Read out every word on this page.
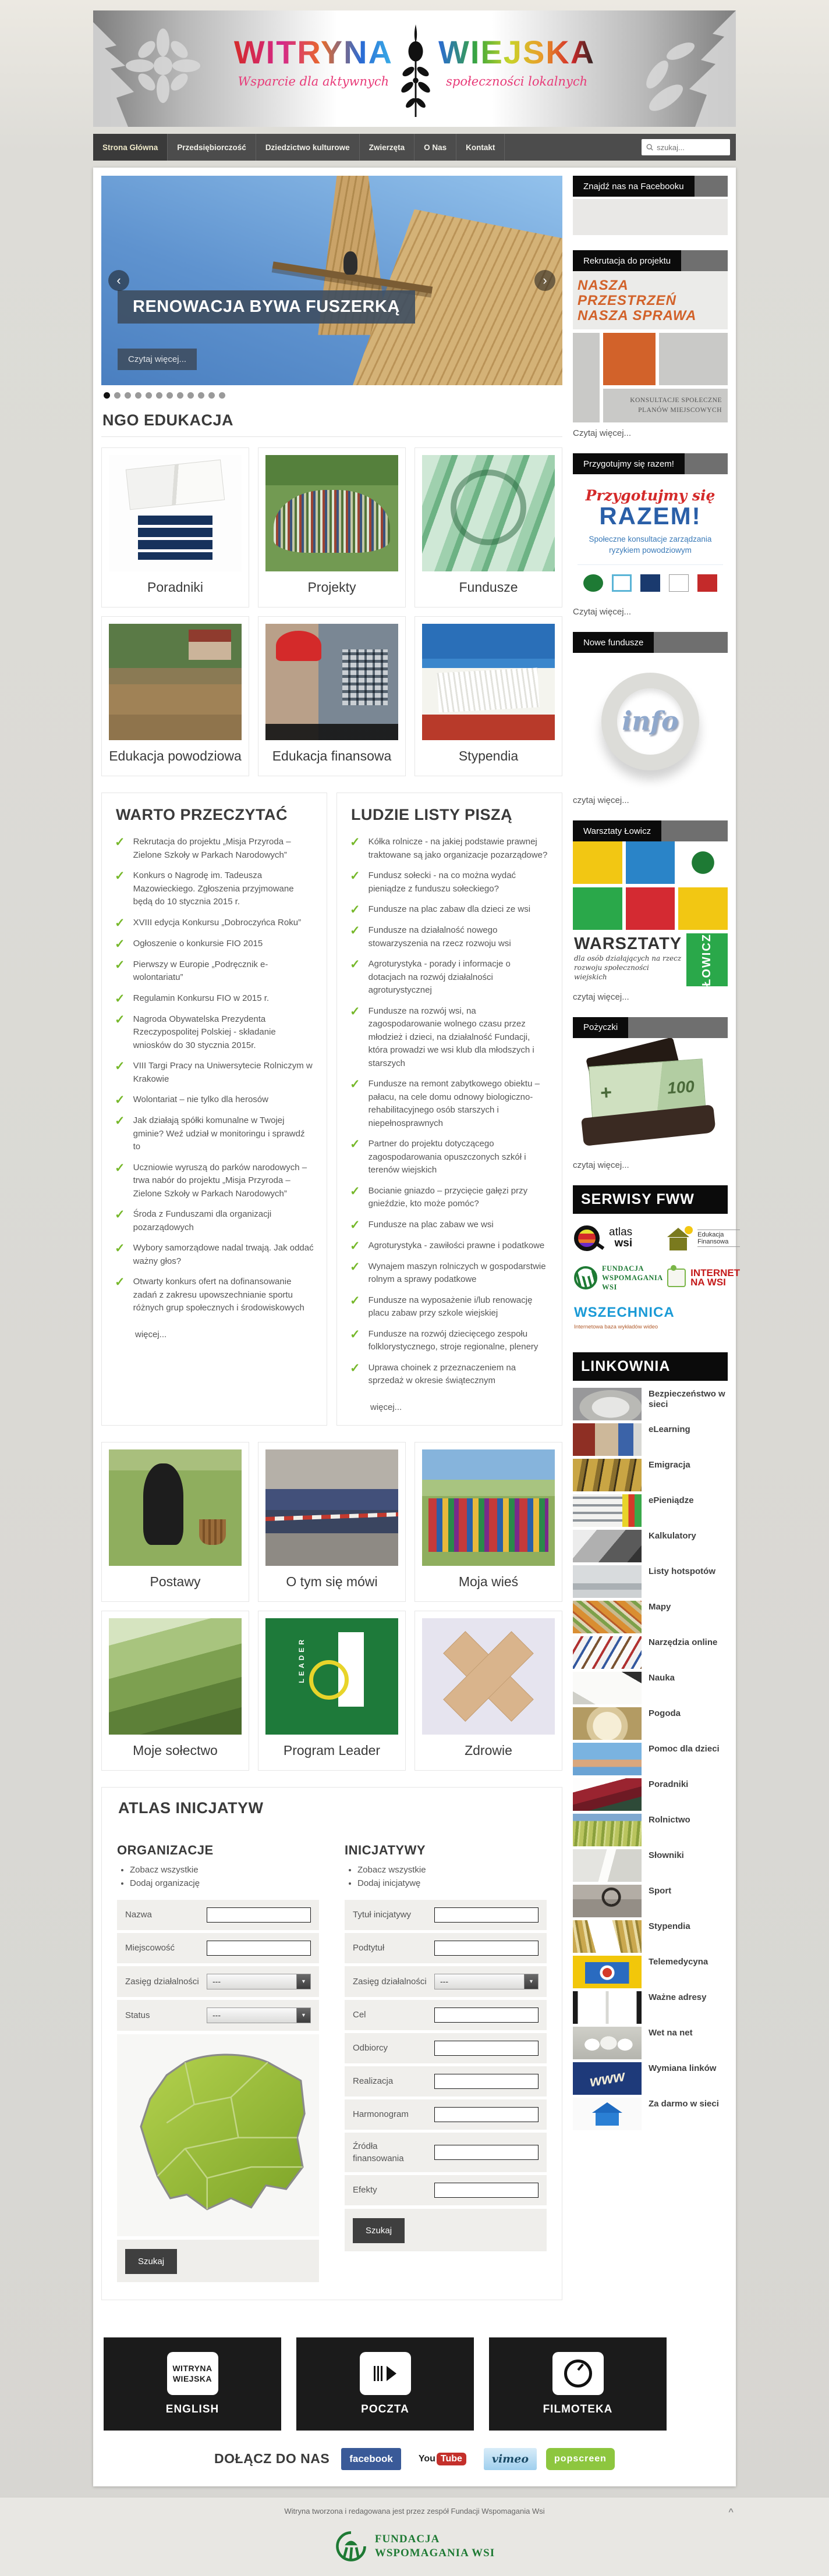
WITRYNA
Wsparcie dla aktywnych
WIEJSKA
społeczności lokalnych
Strona Główna Przedsiębiorczość Dziedzictwo kulturowe Zwierzęta O Nas Kontakt
szukaj...
RENOWACJA BYWA FUSZERKĄ
Czytaj więcej...
‹	›
NGO EDUKACJA
Poradniki	Projekty	Fundusze
Edukacja powodziowa	Edukacja finansowa	Stypendia
WARTO PRZECZYTAĆ
✓ Rekrutacja do projektu „Misja Przyroda – Zielone Szkoły w Parkach Narodowych”
✓ Konkurs o Nagrodę im. Tadeusza Mazowieckiego. Zgłoszenia przyjmowane będą do 10 stycznia 2015 r.
✓ XVIII edycja Konkursu „Dobroczyńca Roku”
✓ Ogłoszenie o konkursie FIO 2015
✓ Pierwszy w Europie „Podręcznik e-wolontariatu”
✓ Regulamin Konkursu FIO w 2015 r.
✓ Nagroda Obywatelska Prezydenta Rzeczypospolitej Polskiej - składanie wniosków do 30 stycznia 2015r.
✓ VIII Targi Pracy na Uniwersytecie Rolniczym w Krakowie
✓ Wolontariat – nie tylko dla herosów
✓ Jak działają spółki komunalne w Twojej gminie? Weź udział w monitoringu i sprawdź to
✓ Uczniowie wyruszą do parków narodowych – trwa nabór do projektu „Misja Przyroda – Zielone Szkoły w Parkach Narodowych”
✓ Środa z Funduszami dla organizacji pozarządowych
✓ Wybory samorządowe nadal trwają. Jak oddać ważny głos?
✓ Otwarty konkurs ofert na dofinansowanie zadań z zakresu upowszechnianie sportu różnych grup społecznych i środowiskowych
więcej...
LUDZIE LISTY PISZĄ
✓ Kółka rolnicze - na jakiej podstawie prawnej traktowane są jako organizacje pozarządowe?
✓ Fundusz sołecki - na co można wydać pieniądze z funduszu sołeckiego?
✓ Fundusze na plac zabaw dla dzieci ze wsi
✓ Fundusze na działalność nowego stowarzyszenia na rzecz rozwoju wsi
✓ Agroturystyka - porady i informacje o dotacjach na rozwój działalności agroturystycznej
✓ Fundusze na rozwój wsi, na zagospodarowanie wolnego czasu przez młodzież i dzieci, na działalność Fundacji, która prowadzi we wsi klub dla młodszych i starszych
✓ Fundusze na remont zabytkowego obiektu – pałacu, na cele domu odnowy biologiczno-rehabilitacyjnego osób starszych i niepełnosprawnych
✓ Partner do projektu dotyczącego zagospodarowania opuszczonych szkół i terenów wiejskich
✓ Bocianie gniazdo – przycięcie gałęzi przy gnieździe, kto może pomóc?
✓ Fundusze na plac zabaw we wsi
✓ Agroturystyka - zawiłości prawne i podatkowe
✓ Wynajem maszyn rolniczych w gospodarstwie rolnym a sprawy podatkowe
✓ Fundusze na wyposażenie i/lub renowację placu zabaw przy szkole wiejskiej
✓ Fundusze na rozwój dziecięcego zespołu folklorystycznego, stroje regionalne, plenery
✓ Uprawa choinek z przeznaczeniem na sprzedaż w okresie świątecznym
więcej...
Postawy	O tym się mówi	Moja wieś
Moje sołectwo
LEADER
Program Leader	Zdrowie
ATLAS INICJATYW
ORGANIZACJE
• Zobacz wszystkie
• Dodaj organizację
Nazwa
Miejscowość
Zasięg działalności	---	▼
Status	---	▼
Szukaj
INICJATYWY
• Zobacz wszystkie
• Dodaj inicjatywę
Tytuł inicjatywy
Podtytuł
Zasięg działalności	---	▼
Cel
Odbiorcy
Realizacja
Harmonogram
Źródła finansowania
Efekty
Szukaj
Znajdź nas na Facebooku
Rekrutacja do projektu
NASZA PRZESTRZEŃ
NASZA SPRAWA
KONSULTACJE SPOŁECZNE PLANÓW MIEJSCOWYCH
Czytaj więcej...
Przygotujmy się razem!
Przygotujmy się
RAZEM!
Społeczne konsultacje zarządzania ryzykiem powodziowym
Czytaj więcej...
Nowe fundusze
info
czytaj więcej...
Warsztaty Łowicz
WARSZTATY
dla osób działających na rzecz
rozwoju społeczności wiejskich	ŁOWICZ
czytaj więcej...
Pożyczki
+	100
czytaj więcej...
SERWISY FWW
atlas
wsi
Edukacja Finansowa
FUNDACJA
WSPOMAGANIA WSI
INTERNET
NA WSI
WSZECHNICA
Internetowa baza wykładów wideo
LINKOWNIA
Bezpieczeństwo w sieci
eLearning
Emigracja
ePieniądze
Kalkulatory
Listy hotspotów
Mapy
Narzędzia online
Nauka
Pogoda
Pomoc dla dzieci
Poradniki
Rolnictwo
Słowniki
Sport
Stypendia
Telemedycyna
Ważne adresy
Wet na net
www
Wymiana linków
Za darmo w sieci
WITRYNA
WIEJSKA
ENGLISH	POCZTA	FILMOTEKA
DOŁĄCZ DO NAS facebook	You Tube	vimeo	popscreen
Witryna tworzona i redagowana jest przez zespół Fundacji Wspomagania Wsi	^
FUNDACJA
WSPOMAGANIA WSI
